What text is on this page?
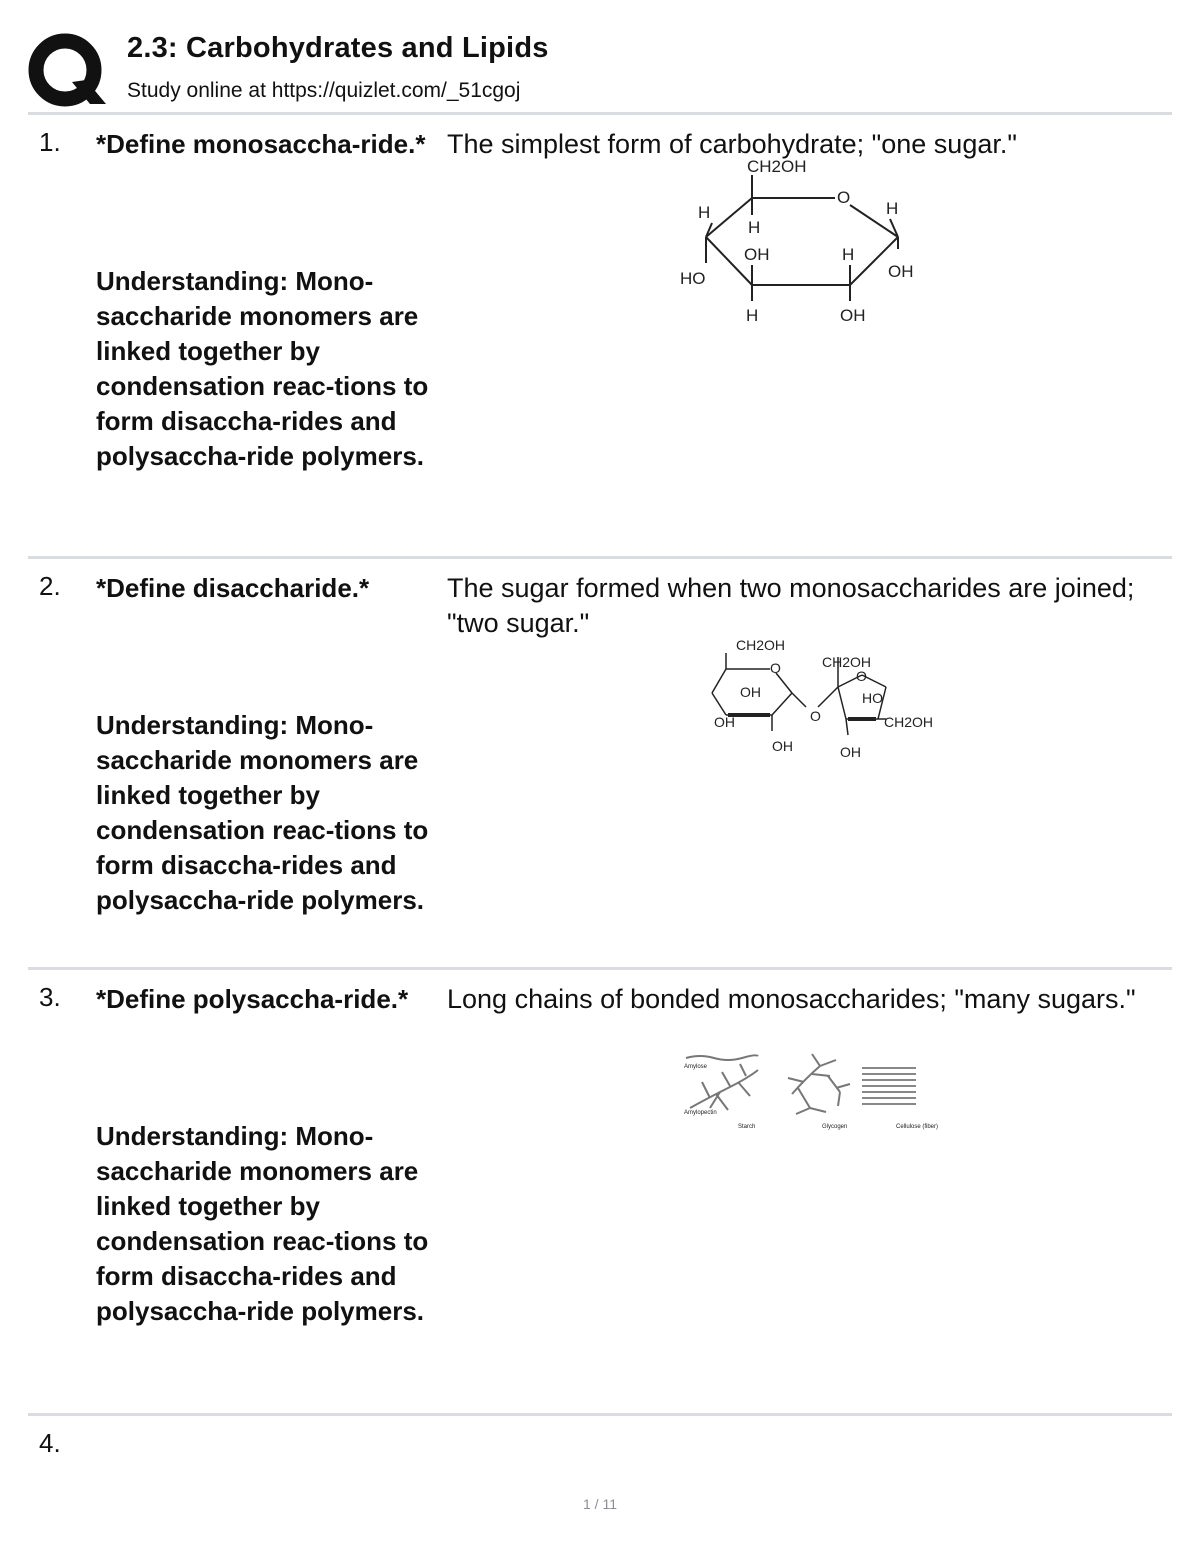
2.3: Carbohydrates and Lipids
Study online at https://quizlet.com/_51cgoj
1. *Define monosaccha-ride.*
Understanding: Mono-saccharide monomers are linked together by condensation reac-tions to form disaccha-rides and polysaccha-ride polymers.
The simplest form of carbohydrate; "one sugar."
CH2OH
O
H
H
H
OH	H
HO	OH
H	OH
2. *Define disaccharide.*
Understanding: Mono-saccharide monomers are linked together by condensation reac-tions to form disaccha-rides and polysaccha-ride polymers.
The sugar formed when two monosaccharides are joined; "two sugar."
CH2OH
O	CH2OH
O
OH	HO
OH	O	CH2OH
OH	OH
3. *Define polysaccha-ride.*
Understanding: Mono-saccharide monomers are linked together by condensation reac-tions to form disaccha-rides and polysaccha-ride polymers.
Long chains of bonded monosaccharides; "many sugars."
Amylose
Amylopectin
Starch	Glycogen	Cellulose (fiber)
4.
1 / 11
